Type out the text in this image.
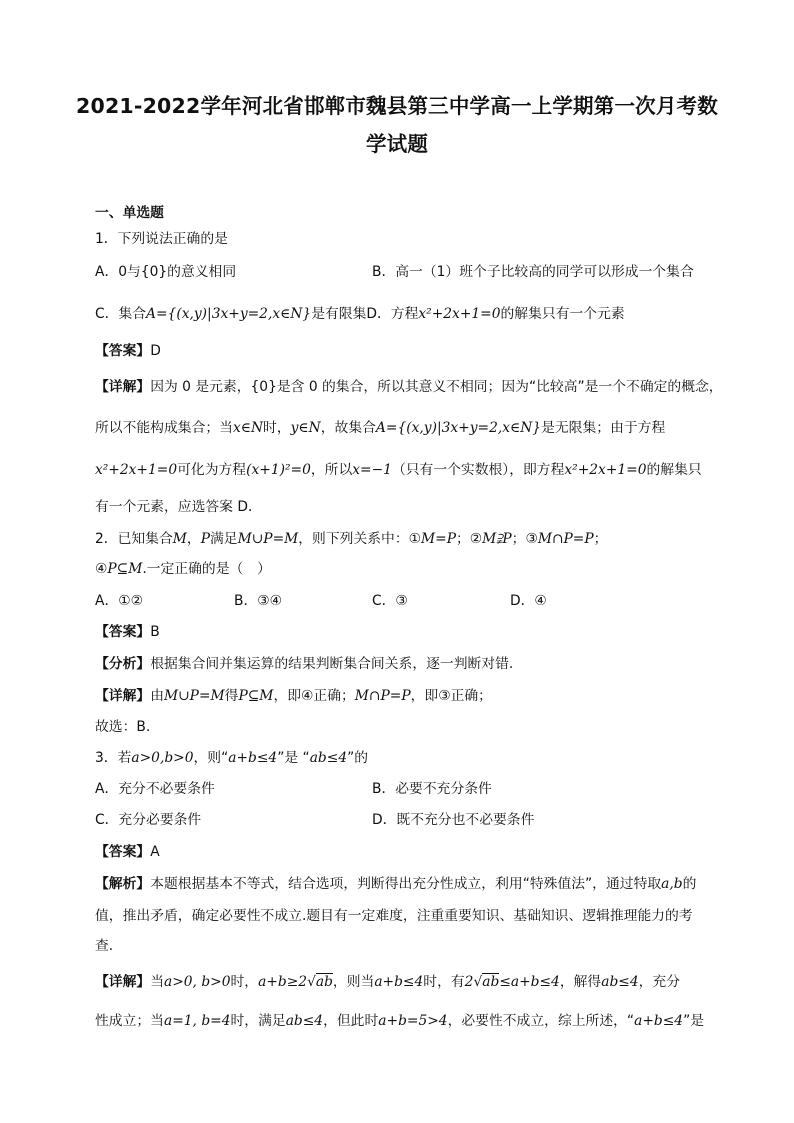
2021-2022学年河北省邯郸市魏县第三中学高一上学期第一次月考数
学试题
一、单选题
1．下列说法正确的是
A．0与{0}的意义相同	B．高一（1）班个子比较高的同学可以形成一个集合
C．集合A={(x,y)|3x+y=2,x∈N}是有限集D．方程x²+2x+1=0的解集只有一个元素
【答案】D
【详解】因为 0 是元素，{0}是含 0 的集合，所以其意义不相同；因为“比较高”是一个不确定的概念，
所以不能构成集合；当x∈N时，y∈N，故集合A={(x,y)|3x+y=2,x∈N}是无限集；由于方程
x²+2x+1=0可化为方程(x+1)²=0，所以x=−1（只有一个实数根），即方程x²+2x+1=0的解集只
有一个元素，应选答案 D．
2．已知集合M，P满足M∪P=M，则下列关系中：①M=P；②M⫌P；③M∩P=P；
④P⊆M.一定正确的是（　）
A．①②	B．③④	C．③	D．④
【答案】B
【分析】根据集合间并集运算的结果判断集合间关系，逐一判断对错.
【详解】由M∪P=M得P⊆M，即④正确；M∩P=P，即③正确；
故选：B.
3．若a>0,b>0，则“a+b≤4”是 “ab≤4”的
A．充分不必要条件	B．必要不充分条件
C．充分必要条件	D．既不充分也不必要条件
【答案】A
【解析】本题根据基本不等式，结合选项，判断得出充分性成立，利用“特殊值法”，通过特取a,b的
值，推出矛盾，确定必要性不成立.题目有一定难度，注重重要知识、基础知识、逻辑推理能力的考
查.
【详解】当a>0, b>0时，a+b≥2√ab，则当a+b≤4时，有2√ab≤a+b≤4，解得ab≤4，充分
性成立；当a=1, b=4时，满足ab≤4，但此时a+b=5>4，必要性不成立，综上所述，“a+b≤4”是
